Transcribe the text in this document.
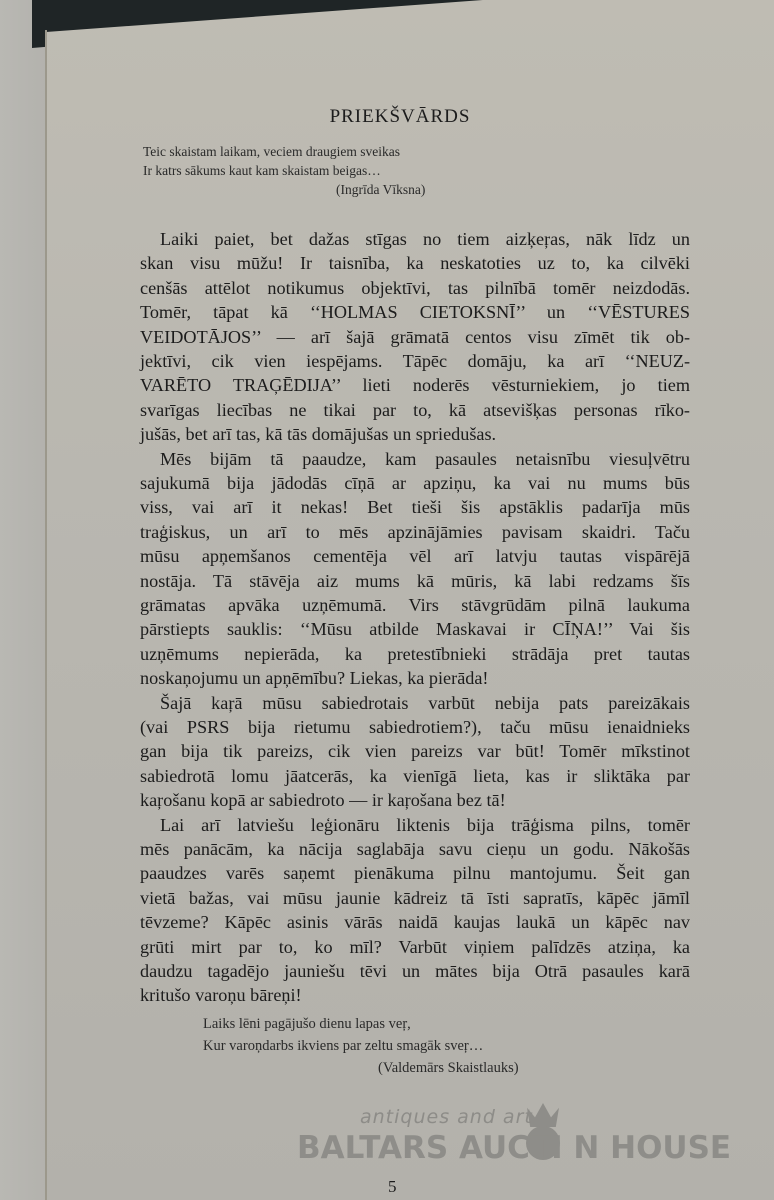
PRIEKŠVĀRDS
Teic skaistam laikam, veciem draugiem sveikas
Ir katrs sākums kaut kam skaistam beigas…
(Ingrīda Vīksna)
Laiki paiet, bet dažas stīgas no tiem aizķeŗas, nāk līdz un
skan visu mūžu! Ir taisnība, ka neskatoties uz to, ka cilvēki
cenšās attēlot notikumus objektīvi, tas pilnībā tomēr neizdodās.
Tomēr, tāpat kā ‘‘HOLMAS CIETOKSNĪ’’ un ‘‘VĒSTURES
VEIDOTĀJOS’’ — arī šajā grāmatā centos visu zīmēt tik ob-
jektīvi, cik vien iespējams. Tāpēc domāju, ka arī ‘‘NEUZ-
VARĒTO TRAĢĒDIJA’’ lieti noderēs vēsturniekiem, jo tiem
svarīgas liecības ne tikai par to, kā atsevišķas personas rīko-
jušās, bet arī tas, kā tās domājušas un spriedušas.
Mēs bijām tā paaudze, kam pasaules netaisnību viesuļvētru
sajukumā bija jādodās cīņā ar apziņu, ka vai nu mums būs
viss, vai arī it nekas! Bet tieši šis apstāklis padarīja mūs
traģiskus, un arī to mēs apzinājāmies pavisam skaidri. Taču
mūsu apņemšanos cementēja vēl arī latvju tautas vispārējā
nostāja. Tā stāvēja aiz mums kā mūris, kā labi redzams šīs
grāmatas apvāka uzņēmumā. Virs stāvgrūdām pilnā laukuma
pārstiepts sauklis: ‘‘Mūsu atbilde Maskavai ir CĪŅA!’’ Vai šis
uzņēmums nepierāda, ka pretestībnieki strādāja pret tautas
noskaņojumu un apņēmību? Liekas, ka pierāda!
Šajā kaŗā mūsu sabiedrotais varbūt nebija pats pareizākais
(vai PSRS bija rietumu sabiedrotiem?), taču mūsu ienaidnieks
gan bija tik pareizs, cik vien pareizs var būt! Tomēr mīkstinot
sabiedrotā lomu jāatcerās, ka vienīgā lieta, kas ir sliktāka par
kaŗošanu kopā ar sabiedroto — ir kaŗošana bez tā!
Lai arī latviešu leģionāru liktenis bija trāģisma pilns, tomēr
mēs panācām, ka nācija saglabāja savu cieņu un godu. Nākošās
paaudzes varēs saņemt pienākuma pilnu mantojumu. Šeit gan
vietā bažas, vai mūsu jaunie kādreiz tā īsti sapratīs, kāpēc jāmīl
tēvzeme? Kāpēc asinis vārās naidā kaujas laukā un kāpēc nav
grūti mirt par to, ko mīl? Varbūt viņiem palīdzēs atziņa, ka
daudzu tagadējo jauniešu tēvi un mātes bija Otrā pasaules karā
kritušo varoņu bāreņi!
Laiks lēni pagājušo dienu lapas veŗ,
Kur varoņdarbs ikviens par zeltu smagāk sveŗ…
(Valdemārs Skaistlauks)
antiques and art
BALTARS AUCTI N HOUSE
5
